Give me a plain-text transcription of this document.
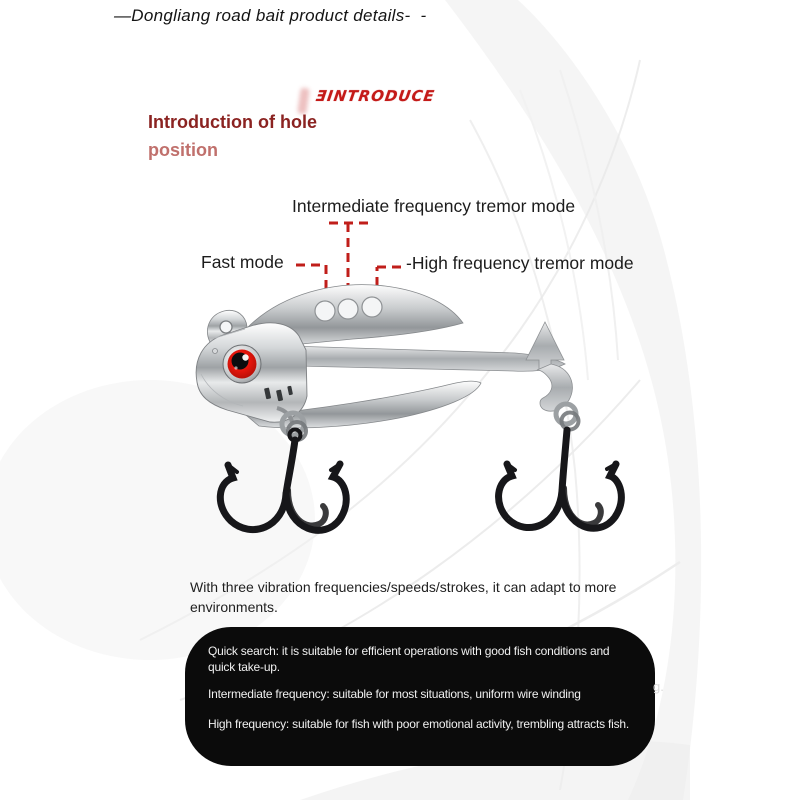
—Dongliang road bait product details-  -
ƎINTRODUCE
Introduction of hole
position
Intermediate frequency tremor mode
Fast mode	-High frequency tremor mode
With three vibration frequencies/speeds/strokes, it can adapt to more environments.

Quick search: it is suitable for efficient operations with good fish conditions and quick take-up.

Intermediate frequency: suitable for most situations, uniform wire winding

High frequency: suitable for fish with poor emotional activity, trembling attracts fish.

g.
